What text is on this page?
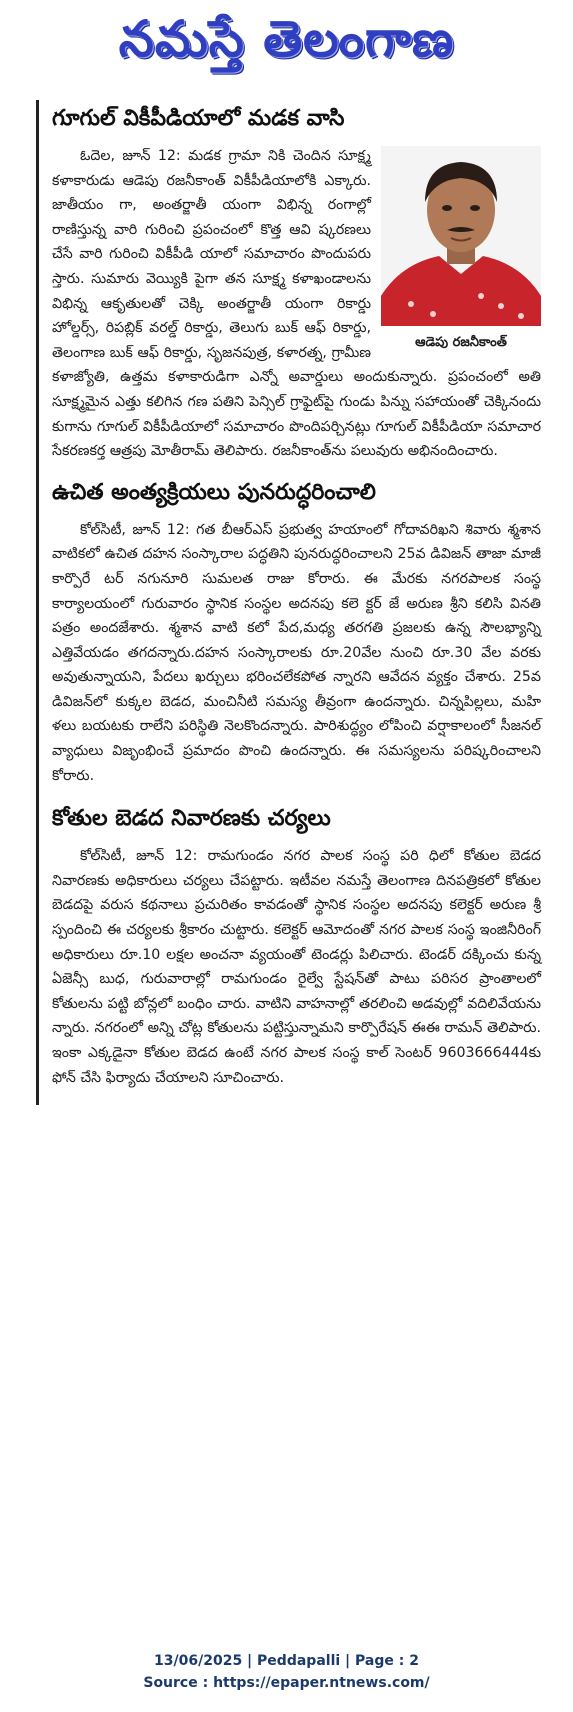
నమస్తే తెలంగాణ
గూగుల్ వికీపీడియాలో మడక వాసి
ఆడెపు రజనీకాంత్

ఓదెల, జూన్ 12: మడక గ్రామా నికి చెందిన సూక్ష్మ కళాకారుడు ఆడెపు రజనీకాంత్ వికీపీడియాలోకి ఎక్కారు. జాతీయం గా, అంతర్జాతీ యంగా విభిన్న రంగాల్లో రాణిస్తున్న వారి గురించి ప్రపంచంలో కొత్త ఆవి ష్కరణలు చేసే వారి గురించి వికీపీడి యాలో సమాచారం పొందుపరు స్తారు. సుమారు వెయ్యికి పైగా తన సూక్ష్మ కళాఖండాలను విభిన్న ఆకృతులతో చెక్కి అంతర్జాతీ యంగా రికార్డు హోల్డర్స్, రిపబ్లిక్ వరల్డ్ రికార్డు, తెలుగు బుక్ ఆఫ్ రికార్డు, తెలంగాణ బుక్ ఆఫ్ రికార్డు, సృజనపుత్ర, కళారత్న, గ్రామీణ కళాజ్యోతి, ఉత్తమ కళాకారుడిగా ఎన్నో అవార్డులు అందుకున్నారు. ప్రపంచంలో అతి సూక్ష్మమైన ఎత్తు కలిగిన గణ పతిని పెన్సిల్ గ్రాఫైట్‌పై గుండు పిన్ను సహాయంతో చెక్కినందు కుగాను గూగుల్ వికీపీడియాలో సమాచారం పొందిపర్చినట్లు గూగుల్ వికీపీడియా సమాచార సేకరణకర్త ఆత్రపు మోతీరామ్ తెలిపారు. రజనీకాంత్‌ను పలువురు అభినందించారు.

ఉచిత అంత్యక్రియలు పునరుద్ధరించాలి

కోల్‌సిటీ, జూన్ 12: గత బీఆర్‌ఎస్ ప్రభుత్వ హయాంలో గోదావరిఖని శివారు శ్మశాన వాటికలో ఉచిత దహన సంస్కారాల పద్ధతిని పునరుద్ధరించాలని 25వ డివిజన్ తాజా మాజీ కార్పొరే టర్ నగునూరి సుమలత రాజు కోరారు. ఈ మేరకు నగరపాలక సంస్థ కార్యాలయంలో గురువారం స్థానిక సంస్థల అదనపు కలె క్టర్ జే అరుణ శ్రీని కలిసి వినతి పత్రం అందజేశారు. శ్మశాన వాటి కలో పేద,మధ్య తరగతి ప్రజలకు ఉన్న సౌలభ్యాన్ని ఎత్తివేయడం తగదన్నారు.దహన సంస్కారాలకు రూ.20వేల నుంచి రూ.30 వేల వరకు అవుతున్నాయని, పేదలు ఖర్చులు భరించలేకపోత న్నారని ఆవేదన వ్యక్తం చేశారు. 25వ డివిజన్‌లో కుక్కల బెడద, మంచినీటి సమస్య తీవ్రంగా ఉందన్నారు. చిన్నపిల్లలు, మహి ళలు బయటకు రాలేని పరిస్థితి నెలకొందన్నారు. పారిశుద్ధ్యం లోపించి వర్షాకాలంలో సీజనల్ వ్యాధులు విజృంభించే ప్రమాదం పొంచి ఉందన్నారు. ఈ సమస్యలను పరిష్కరించాలని కోరారు.

కోతుల బెడద నివారణకు చర్యలు

కోల్‌సిటీ, జూన్ 12: రామగుండం నగర పాలక సంస్థ పరి ధిలో కోతుల బెడద నివారణకు అధికారులు చర్యలు చేపట్టారు. ఇటీవల నమస్తే తెలంగాణ దినపత్రికలో కోతుల బెడదపై వరుస కథనాలు ప్రచురితం కావడంతో స్థానిక సంస్థల అదనపు కలెక్టర్ అరుణ శ్రీ స్పందించి ఈ చర్యలకు శ్రీకారం చుట్టారు. కలెక్టర్ ఆమోదంతో నగర పాలక సంస్థ ఇంజినీరింగ్ అధికారులు రూ.10 లక్షల అంచనా వ్యయంతో టెండర్లు పిలిచారు. టెండర్ దక్కించు కున్న ఏజెన్సీ బుధ, గురువారాల్లో రామగుండం రైల్వే స్టేషన్‌తో పాటు పరిసర ప్రాంతాలలో కోతులను పట్టి బోన్లలో బంధిం చారు. వాటిని వాహనాల్లో తరలించి అడవుల్లో వదిలివేయను న్నారు. నగరంలో అన్ని చోట్ల కోతులను పట్టిస్తున్నామని కార్పొరేషన్ ఈఈ రామన్ తెలిపారు. ఇంకా ఎక్కడైనా కోతుల బెడద ఉంటే నగర పాలక సంస్థ కాల్ సెంటర్ 9603666444కు ఫోన్ చేసి ఫిర్యాదు చేయాలని సూచించారు.

13/06/2025 | Peddapalli | Page : 2
Source : https://epaper.ntnews.com/
